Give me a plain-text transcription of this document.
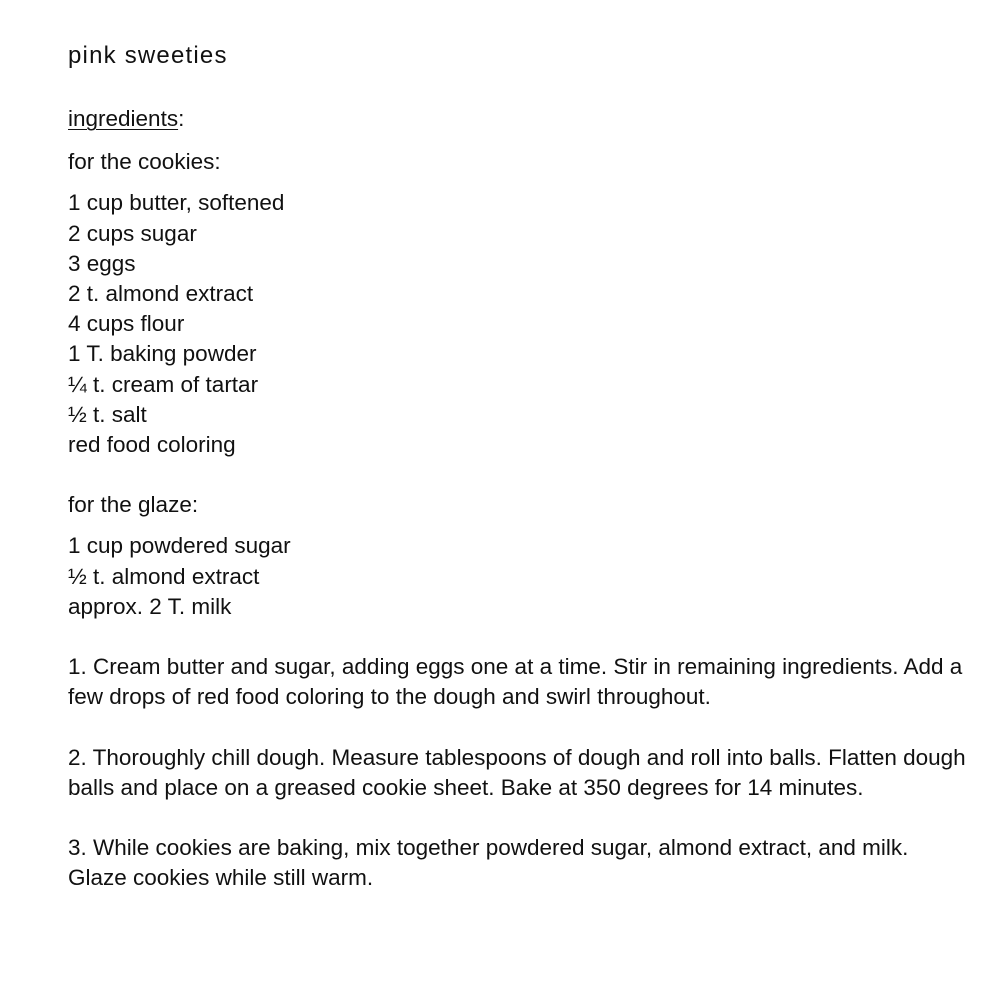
pink sweeties

ingredients:

for the cookies:

1 cup butter, softened
2 cups sugar
3 eggs
2 t. almond extract
4 cups flour
1 T. baking powder
¼ t. cream of tartar
½ t. salt
red food coloring

for the glaze:

1 cup powdered sugar
½ t. almond extract
approx. 2 T. milk

1. Cream butter and sugar, adding eggs one at a time. Stir in remaining ingredients. Add a few drops of red food coloring to the dough and swirl throughout.

2. Thoroughly chill dough. Measure tablespoons of dough and roll into balls. Flatten dough balls and place on a greased cookie sheet. Bake at 350 degrees for 14 minutes.

3. While cookies are baking, mix together powdered sugar, almond extract, and milk. Glaze cookies while still warm.
